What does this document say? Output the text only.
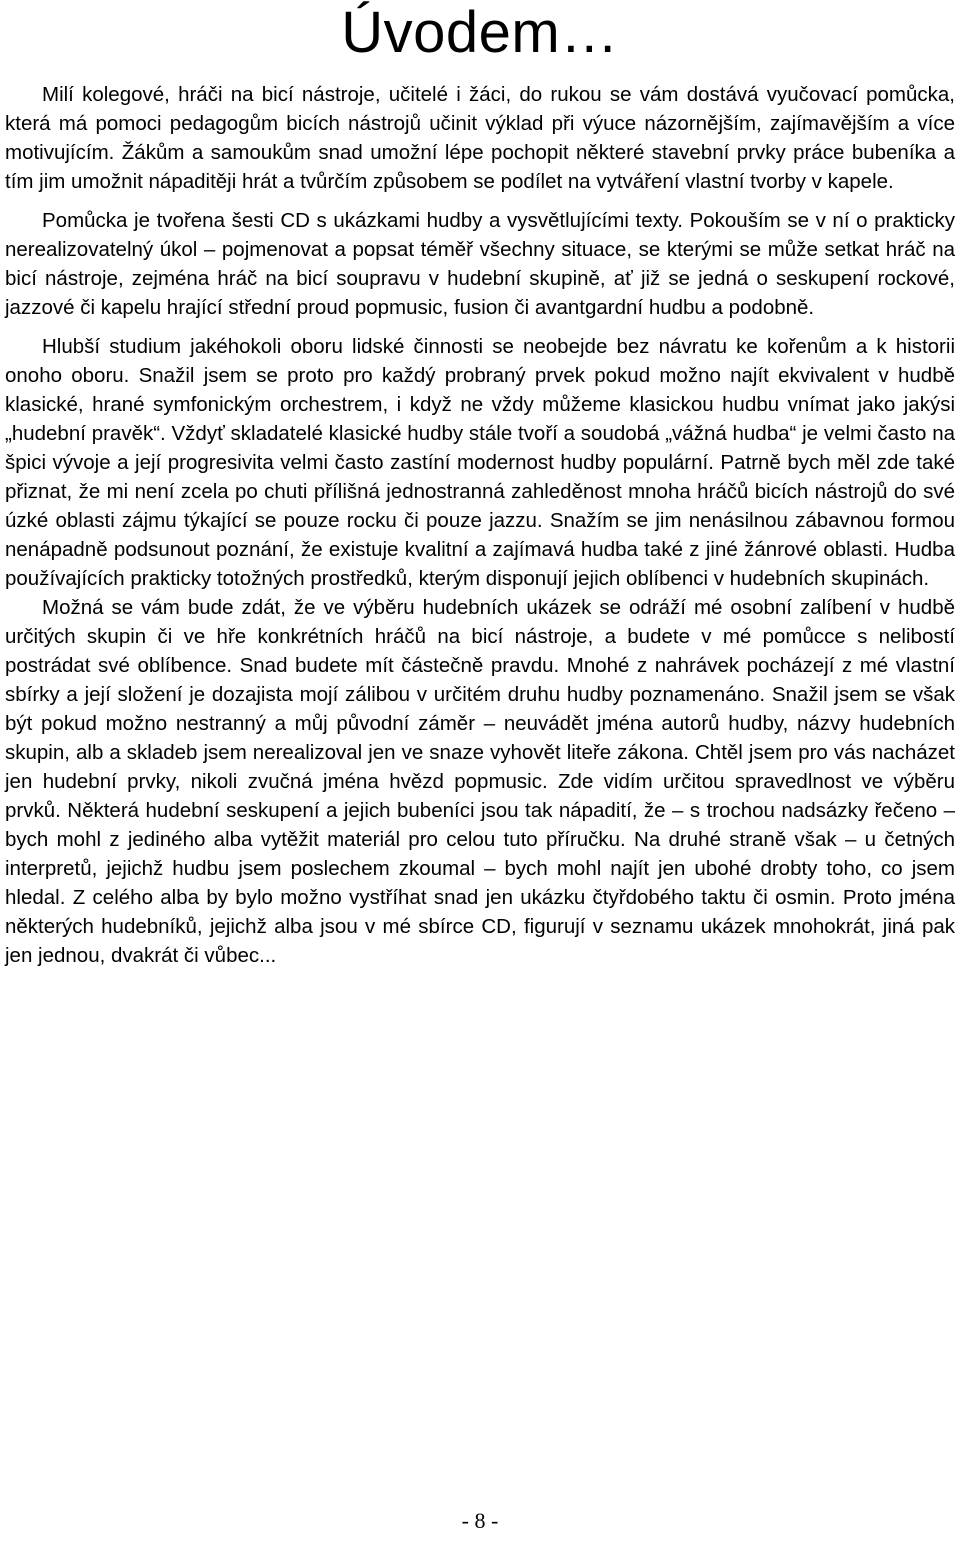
Úvodem…

Milí kolegové, hráči na bicí nástroje, učitelé i žáci, do rukou se vám dostává vyučovací pomůcka, která má pomoci pedagogům bicích nástrojů učinit výklad při výuce názornějším, zajímavějším a více motivujícím. Žákům a samoukům snad umožní lépe pochopit některé stavební prvky práce bubeníka a tím jim umožnit nápaditěji hrát a tvůrčím způsobem se podílet na vytváření vlastní tvorby v kapele.

Pomůcka je tvořena šesti CD s ukázkami hudby a vysvětlujícími texty. Pokouším se v ní o prakticky nerealizovatelný úkol – pojmenovat a popsat téměř všechny situace, se kterými se může setkat hráč na bicí nástroje, zejména hráč na bicí soupravu v hudební skupině, ať již se jedná o seskupení rockové, jazzové či kapelu hrající střední proud popmusic, fusion či avantgardní hudbu a podobně.

Hlubší studium jakéhokoli oboru lidské činnosti se neobejde bez návratu ke kořenům a k historii onoho oboru. Snažil jsem se proto pro každý probraný prvek pokud možno najít ekvivalent v hudbě klasické, hrané symfonickým orchestrem, i když ne vždy můžeme klasickou hudbu vnímat jako jakýsi „hudební pravěk“. Vždyť skladatelé klasické hudby stále tvoří a soudobá „vážná hudba“ je velmi často na špici vývoje a její progresivita velmi často zastíní modernost hudby populární. Patrně bych měl zde také přiznat, že mi není zcela po chuti přílišná jednostranná zahleděnost mnoha hráčů bicích nástrojů do své úzké oblasti zájmu týkající se pouze rocku či pouze jazzu. Snažím se jim nenásilnou zábavnou formou nenápadně podsunout poznání, že existuje kvalitní a zajímavá hudba také z jiné žánrové oblasti. Hudba používajících prakticky totožných prostředků, kterým disponují jejich oblíbenci v hudebních skupinách.

Možná se vám bude zdát, že ve výběru hudebních ukázek se odráží mé osobní zalíbení v hudbě určitých skupin či ve hře konkrétních hráčů na bicí nástroje, a budete v mé pomůcce s nelibostí postrádat své oblíbence. Snad budete mít částečně pravdu. Mnohé z nahrávek pocházejí z mé vlastní sbírky a její složení je dozajista mojí zálibou v určitém druhu hudby poznamenáno. Snažil jsem se však být pokud možno nestranný a můj původní záměr – neuvádět jména autorů hudby, názvy hudebních skupin, alb a skladeb jsem nerealizoval jen ve snaze vyhovět liteře zákona. Chtěl jsem pro vás nacházet jen hudební prvky, nikoli zvučná jména hvězd popmusic. Zde vidím určitou spravedlnost ve výběru prvků. Některá hudební seskupení a jejich bubeníci jsou tak nápadití, že – s trochou nadsázky řečeno – bych mohl z jediného alba vytěžit materiál pro celou tuto příručku. Na druhé straně však – u četných interpretů, jejichž hudbu jsem poslechem zkoumal – bych mohl najít jen ubohé drobty toho, co jsem hledal. Z celého alba by bylo možno vystříhat snad jen ukázku čtyřdobého taktu či osmin. Proto jména některých hudebníků, jejichž alba jsou v mé sbírce CD, figurují v seznamu ukázek mnohokrát, jiná pak jen jednou, dvakrát či vůbec...

- 8 -
